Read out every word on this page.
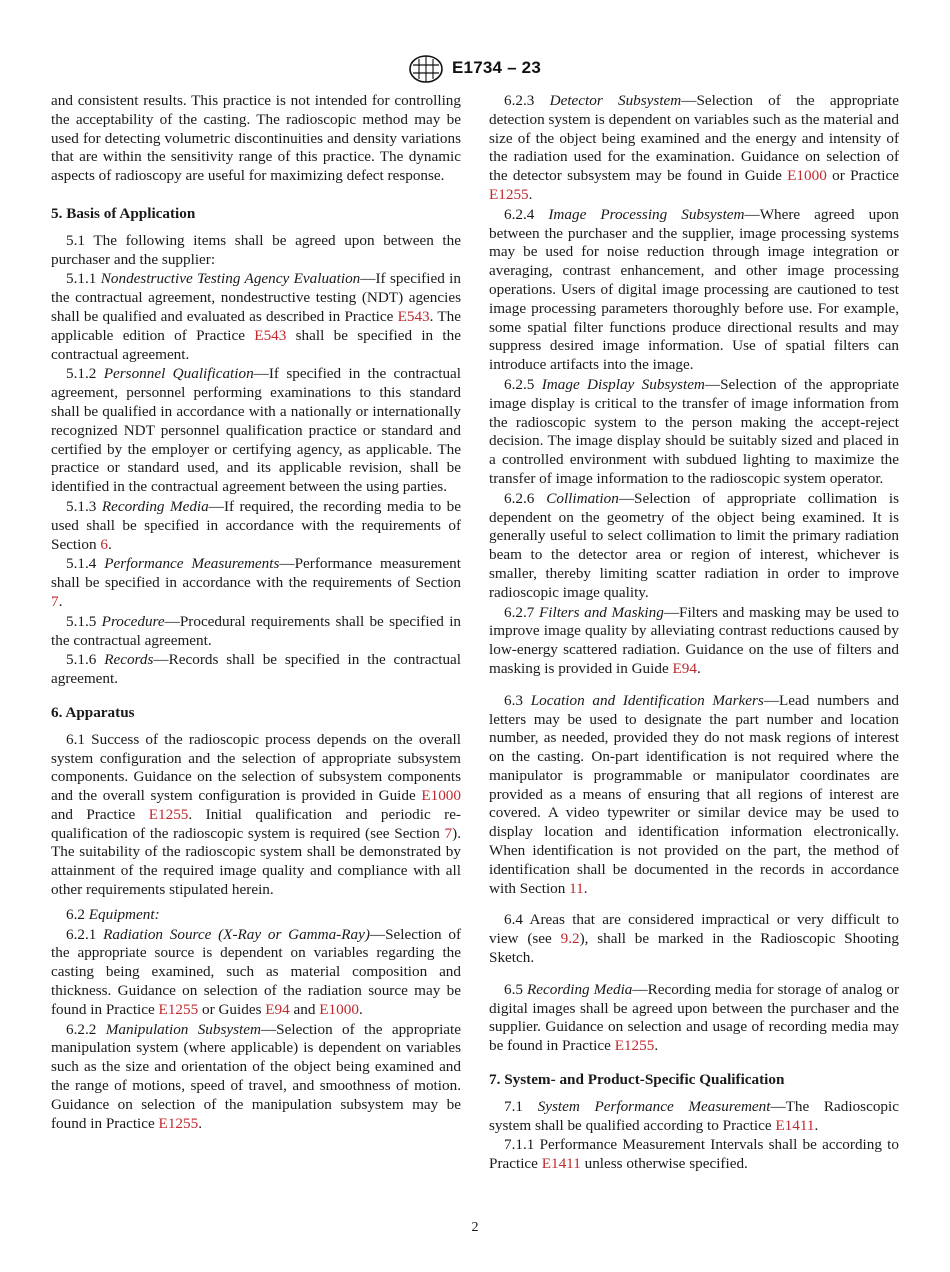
E1734 – 23

and consistent results. This practice is not intended for controlling the acceptability of the casting. The radioscopic method may be used for detecting volumetric discontinuities and density variations that are within the sensitivity range of this practice. The dynamic aspects of radioscopy are useful for maximizing defect response.

5. Basis of Application

5.1 The following items shall be agreed upon between the purchaser and the supplier:

5.1.1 Nondestructive Testing Agency Evaluation—If specified in the contractual agreement, nondestructive testing (NDT) agencies shall be qualified and evaluated as described in Practice E543. The applicable edition of Practice E543 shall be specified in the contractual agreement.

5.1.2 Personnel Qualification—If specified in the contractual agreement, personnel performing examinations to this standard shall be qualified in accordance with a nationally or internationally recognized NDT personnel qualification practice or standard and certified by the employer or certifying agency, as applicable. The practice or standard used, and its applicable revision, shall be identified in the contractual agreement between the using parties.

5.1.3 Recording Media—If required, the recording media to be used shall be specified in accordance with the requirements of Section 6.

5.1.4 Performance Measurements—Performance measurement shall be specified in accordance with the requirements of Section 7.

5.1.5 Procedure—Procedural requirements shall be specified in the contractual agreement.

5.1.6 Records—Records shall be specified in the contractual agreement.

6. Apparatus

6.1 Success of the radioscopic process depends on the overall system configuration and the selection of appropriate subsystem components. Guidance on the selection of subsystem components and the overall system configuration is provided in Guide E1000 and Practice E1255. Initial qualification and periodic re-qualification of the radioscopic system is required (see Section 7). The suitability of the radioscopic system shall be demonstrated by attainment of the required image quality and compliance with all other requirements stipulated herein.

6.2 Equipment:

6.2.1 Radiation Source (X-Ray or Gamma-Ray)—Selection of the appropriate source is dependent on variables regarding the casting being examined, such as material composition and thickness. Guidance on selection of the radiation source may be found in Practice E1255 or Guides E94 and E1000.

6.2.2 Manipulation Subsystem—Selection of the appropriate manipulation system (where applicable) is dependent on variables such as the size and orientation of the object being examined and the range of motions, speed of travel, and smoothness of motion. Guidance on selection of the manipulation subsystem may be found in Practice E1255.

6.2.3 Detector Subsystem—Selection of the appropriate detection system is dependent on variables such as the material and size of the object being examined and the energy and intensity of the radiation used for the examination. Guidance on selection of the detector subsystem may be found in Guide E1000 or Practice E1255.

6.2.4 Image Processing Subsystem—Where agreed upon between the purchaser and the supplier, image processing systems may be used for noise reduction through image integration or averaging, contrast enhancement, and other image processing operations. Users of digital image processing are cautioned to test image processing parameters thoroughly before use. For example, some spatial filter functions produce directional results and may suppress desired image information. Use of spatial filters can introduce artifacts into the image.

6.2.5 Image Display Subsystem—Selection of the appropriate image display is critical to the transfer of image information from the radioscopic system to the person making the accept-reject decision. The image display should be suitably sized and placed in a controlled environment with subdued lighting to maximize the transfer of image information to the radioscopic system operator.

6.2.6 Collimation—Selection of appropriate collimation is dependent on the geometry of the object being examined. It is generally useful to select collimation to limit the primary radiation beam to the detector area or region of interest, whichever is smaller, thereby limiting scatter radiation in order to improve radioscopic image quality.

6.2.7 Filters and Masking—Filters and masking may be used to improve image quality by alleviating contrast reductions caused by low-energy scattered radiation. Guidance on the use of filters and masking is provided in Guide E94.

6.3 Location and Identification Markers—Lead numbers and letters may be used to designate the part number and location number, as needed, provided they do not mask regions of interest on the casting. On-part identification is not required where the manipulator is programmable or manipulator coordinates are provided as a means of ensuring that all regions of interest are covered. A video typewriter or similar device may be used to display location and identification information electronically. When identification is not provided on the part, the method of identification shall be documented in the records in accordance with Section 11.

6.4 Areas that are considered impractical or very difficult to view (see 9.2), shall be marked in the Radioscopic Shooting Sketch.

6.5 Recording Media—Recording media for storage of analog or digital images shall be agreed upon between the purchaser and the supplier. Guidance on selection and usage of recording media may be found in Practice E1255.

7. System- and Product-Specific Qualification

7.1 System Performance Measurement—The Radioscopic system shall be qualified according to Practice E1411.

7.1.1 Performance Measurement Intervals shall be according to Practice E1411 unless otherwise specified.

2
